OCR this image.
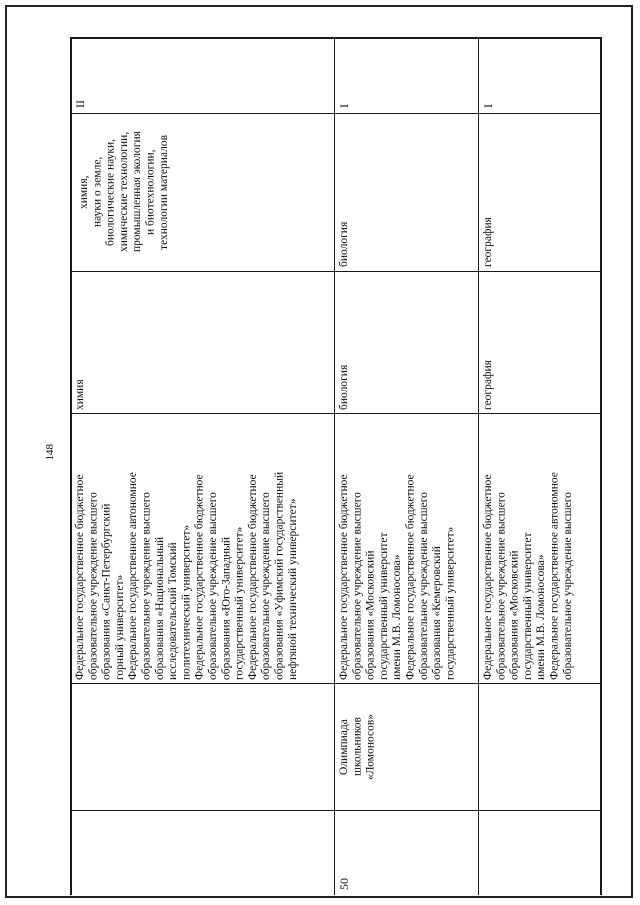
148
Федеральное государственное бюджетное
образовательное учреждение высшего
образования «Санкт-Петербургский
горный университет»
Федеральное государственное автономное
образовательное учреждение высшего
образования «Национальный
исследовательский Томский
политехнический университет»
Федеральное государственное бюджетное
образовательное учреждение высшего
образования «Юго-Западный
государственный университет»
Федеральное государственное бюджетное
образовательное учреждение высшего
образования «Уфимский государственный
нефтяной технический университет»
химия
химия,
науки о земле,
биологические науки,
химические технологии,
промышленная экология
и биотехнологии,
технологии материалов
II
50
Олимпиада
школьников
«Ломоносов»
Федеральное государственное бюджетное
образовательное учреждение высшего
образования «Московский
государственный университет
имени М.В. Ломоносова»
Федеральное государственное бюджетное
образовательное учреждение высшего
образования «Кемеровский
государственный университет»
биология
биология
I
Федеральное государственное бюджетное
образовательное учреждение высшего
образования «Московский
государственный университет
имени М.В. Ломоносова»
Федеральное государственное автономное
образовательное учреждение высшего
география
география
I
